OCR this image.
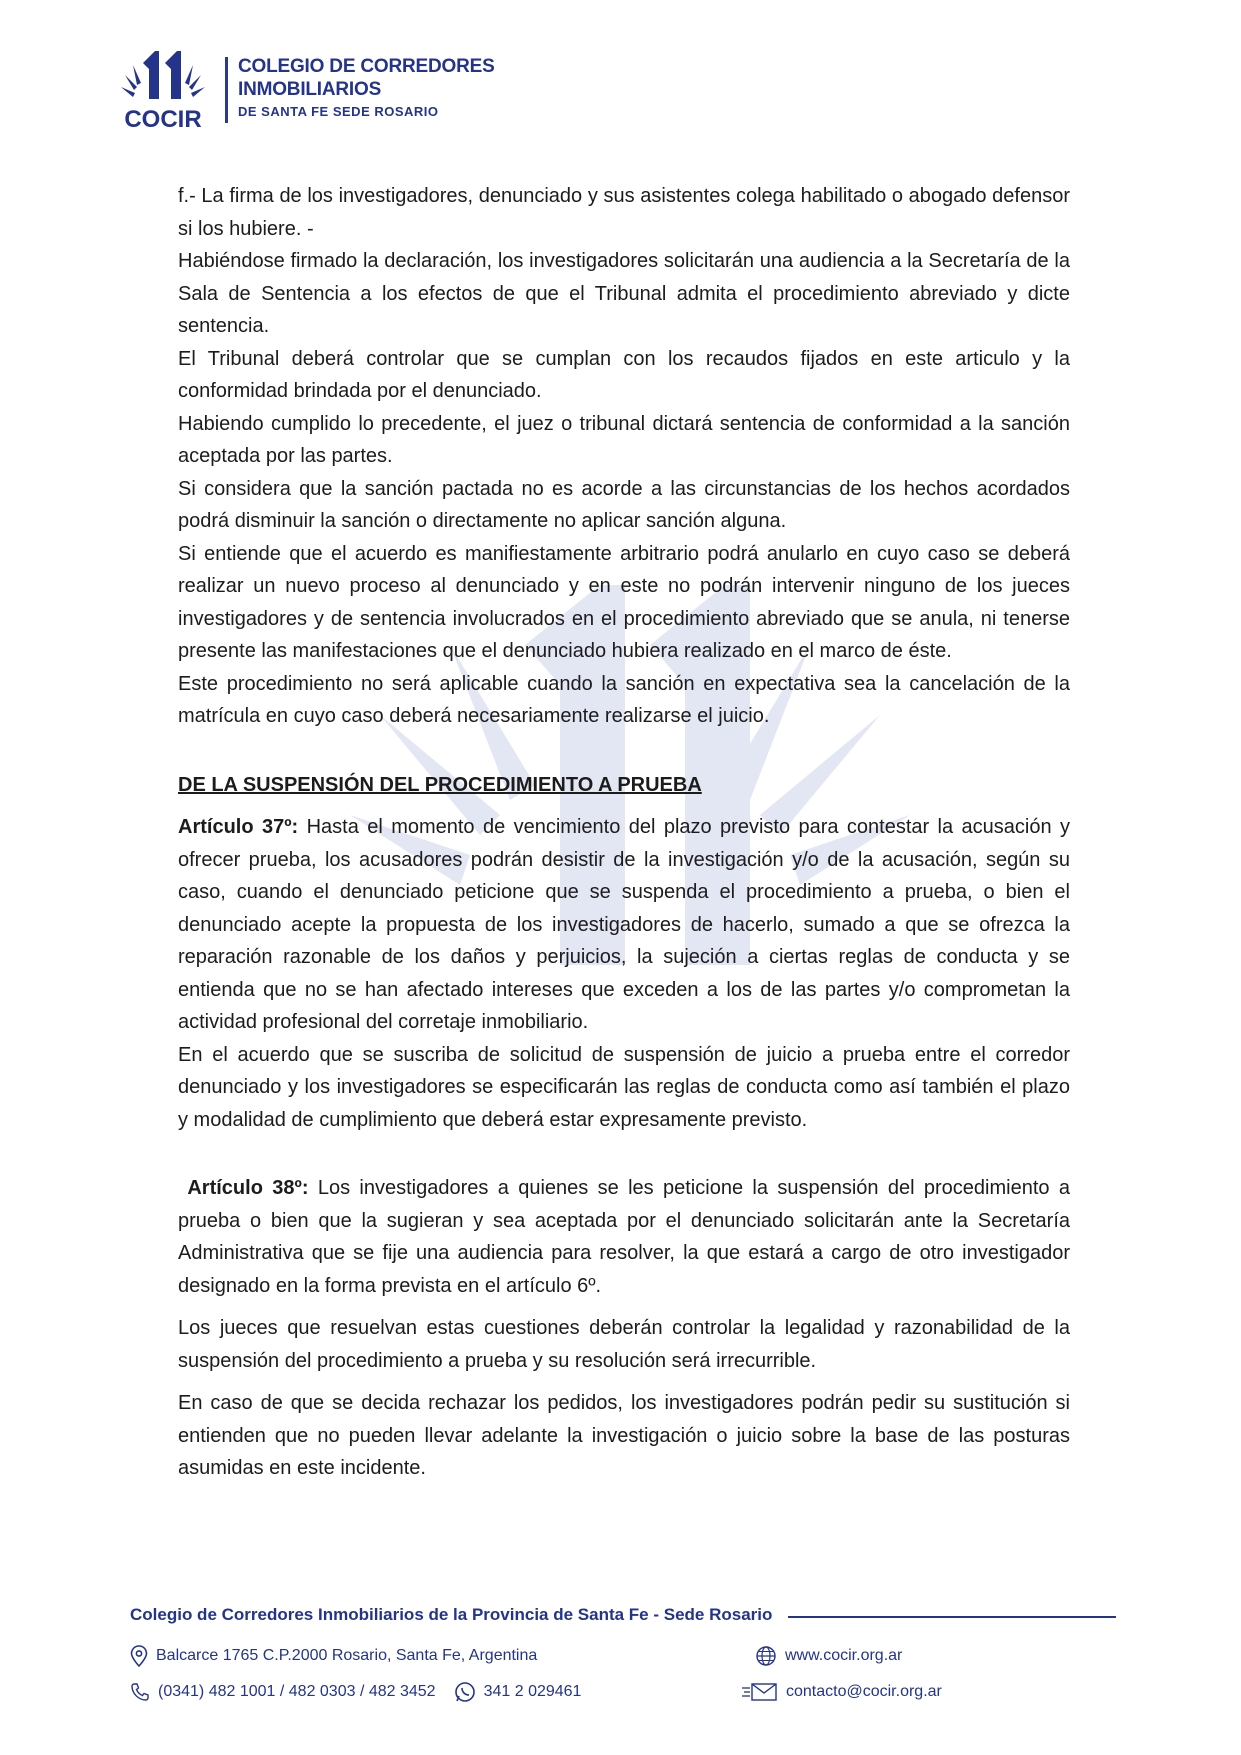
COCIR
COLEGIO DE CORREDORES
INMOBILIARIOS
DE SANTA FE SEDE ROSARIO

f.- La firma de los investigadores, denunciado y sus asistentes colega habilitado o abogado defensor si los hubiere. -

Habiéndose firmado la declaración, los investigadores solicitarán una audiencia a la Secretaría de la Sala de Sentencia a los efectos de que el Tribunal admita el procedimiento abreviado y dicte sentencia.

El Tribunal deberá controlar que se cumplan con los recaudos fijados en este articulo y la conformidad brindada por el denunciado.

Habiendo cumplido lo precedente, el juez o tribunal dictará sentencia de conformidad a la sanción aceptada por las partes.

Si considera que la sanción pactada no es acorde a las circunstancias de los hechos acordados podrá disminuir la sanción o directamente no aplicar sanción alguna.

Si entiende que el acuerdo es manifiestamente arbitrario podrá anularlo en cuyo caso se deberá realizar un nuevo proceso al denunciado y en este no podrán intervenir ninguno de los jueces investigadores y de sentencia involucrados en el procedimiento abreviado que se anula, ni tenerse presente las manifestaciones que el denunciado hubiera realizado en el marco de éste.

Este procedimiento no será aplicable cuando la sanción en expectativa sea la cancelación de la matrícula en cuyo caso deberá necesariamente realizarse el juicio.

DE LA SUSPENSIÓN DEL PROCEDIMIENTO A PRUEBA

Artículo 37º: Hasta el momento de vencimiento del plazo previsto para contestar la acusación y ofrecer prueba, los acusadores podrán desistir de la investigación y/o de la acusación, según su caso, cuando el denunciado peticione que se suspenda el procedimiento a prueba, o bien el denunciado acepte la propuesta de los investigadores de hacerlo, sumado a que se ofrezca la reparación razonable de los daños y perjuicios, la sujeción a ciertas reglas de conducta y se entienda que no se han afectado intereses que exceden a los de las partes y/o comprometan la actividad profesional del corretaje inmobiliario.

En el acuerdo que se suscriba de solicitud de suspensión de juicio a prueba entre el corredor denunciado y los investigadores se especificarán las reglas de conducta como así también el plazo y modalidad de cumplimiento que deberá estar expresamente previsto.

Artículo 38º: Los investigadores a quienes se les peticione la suspensión del procedimiento a prueba o bien que la sugieran y sea aceptada por el denunciado solicitarán ante la Secretaría Administrativa que se fije una audiencia para resolver, la que estará a cargo de otro investigador designado en la forma prevista en el artículo 6º.

Los jueces que resuelvan estas cuestiones deberán controlar la legalidad y razonabilidad de la suspensión del procedimiento a prueba y su resolución será irrecurrible.

En caso de que se decida rechazar los pedidos, los investigadores podrán pedir su sustitución si entienden que no pueden llevar adelante la investigación o juicio sobre la base de las posturas asumidas en este incidente.

Colegio de Corredores Inmobiliarios de la Provincia de Santa Fe - Sede Rosario
Balcarce 1765 C.P.2000 Rosario, Santa Fe, Argentina
(0341) 482 1001 / 482 0303 / 482 3452	341 2 029461
www.cocir.org.ar
contacto@cocir.org.ar
